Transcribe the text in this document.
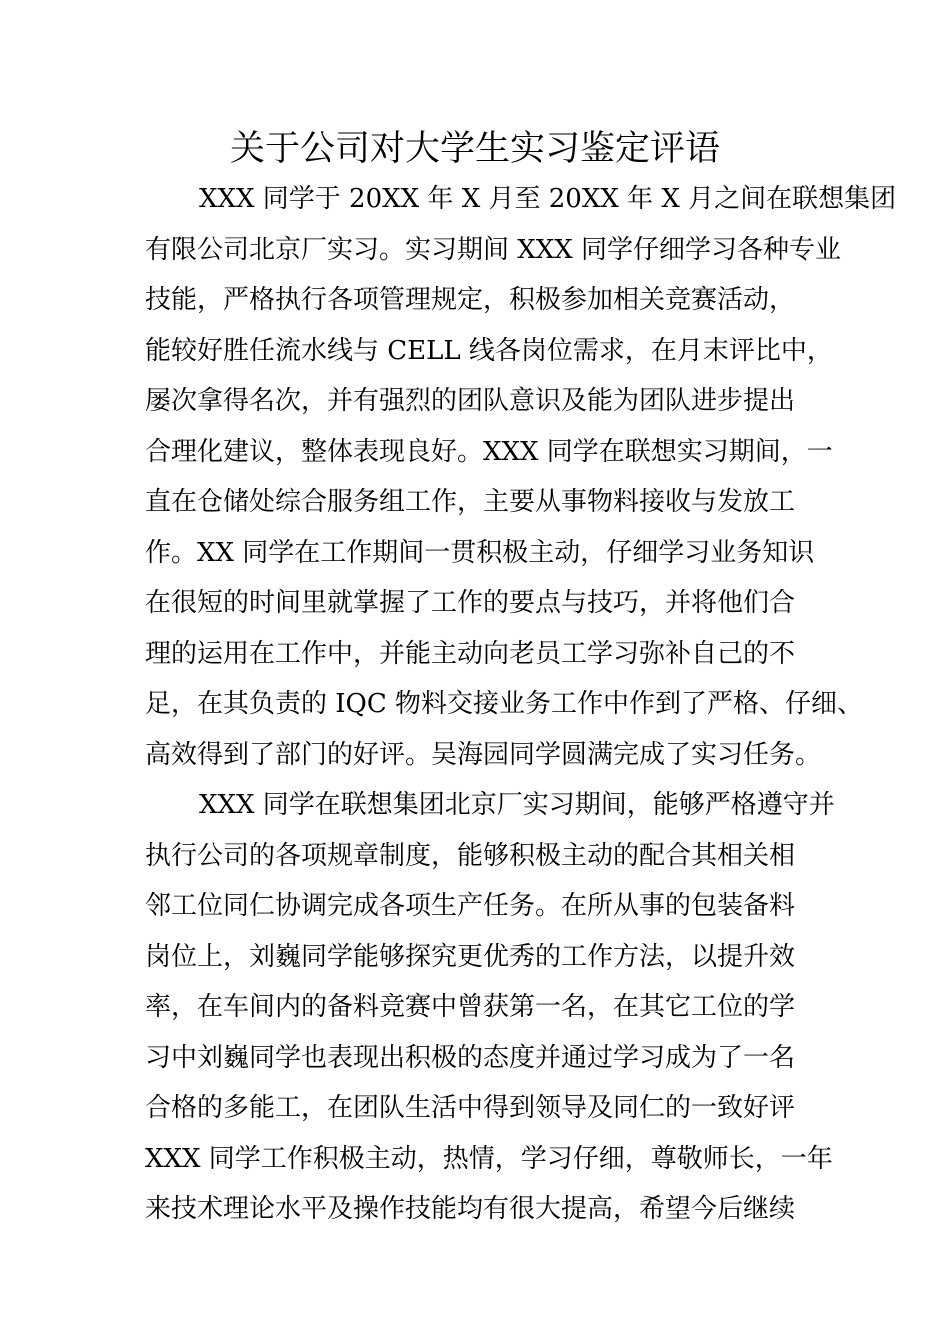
关于公司对大学生实习鉴定评语
XXX 同学于 20XX 年 X 月至 20XX 年 X 月之间在联想集团
有限公司北京厂实习。实习期间 XXX 同学仔细学习各种专业
技能，严格执行各项管理规定，积极参加相关竞赛活动，
能较好胜任流水线与 CELL 线各岗位需求，在月末评比中，
屡次拿得名次，并有强烈的团队意识及能为团队进步提出
合理化建议，整体表现良好。XXX 同学在联想实习期间，一
直在仓储处综合服务组工作，主要从事物料接收与发放工
作。XX 同学在工作期间一贯积极主动，仔细学习业务知识
在很短的时间里就掌握了工作的要点与技巧，并将他们合
理的运用在工作中，并能主动向老员工学习弥补自己的不
足，在其负责的 IQC 物料交接业务工作中作到了严格、仔细、
高效得到了部门的好评。吴海园同学圆满完成了实习任务。
XXX 同学在联想集团北京厂实习期间，能够严格遵守并
执行公司的各项规章制度，能够积极主动的配合其相关相
邻工位同仁协调完成各项生产任务。在所从事的包装备料
岗位上，刘巍同学能够探究更优秀的工作方法，以提升效
率，在车间内的备料竞赛中曾获第一名，在其它工位的学
习中刘巍同学也表现出积极的态度并通过学习成为了一名
合格的多能工，在团队生活中得到领导及同仁的一致好评
XXX 同学工作积极主动，热情，学习仔细，尊敬师长，一年
来技术理论水平及操作技能均有很大提高，希望今后继续
